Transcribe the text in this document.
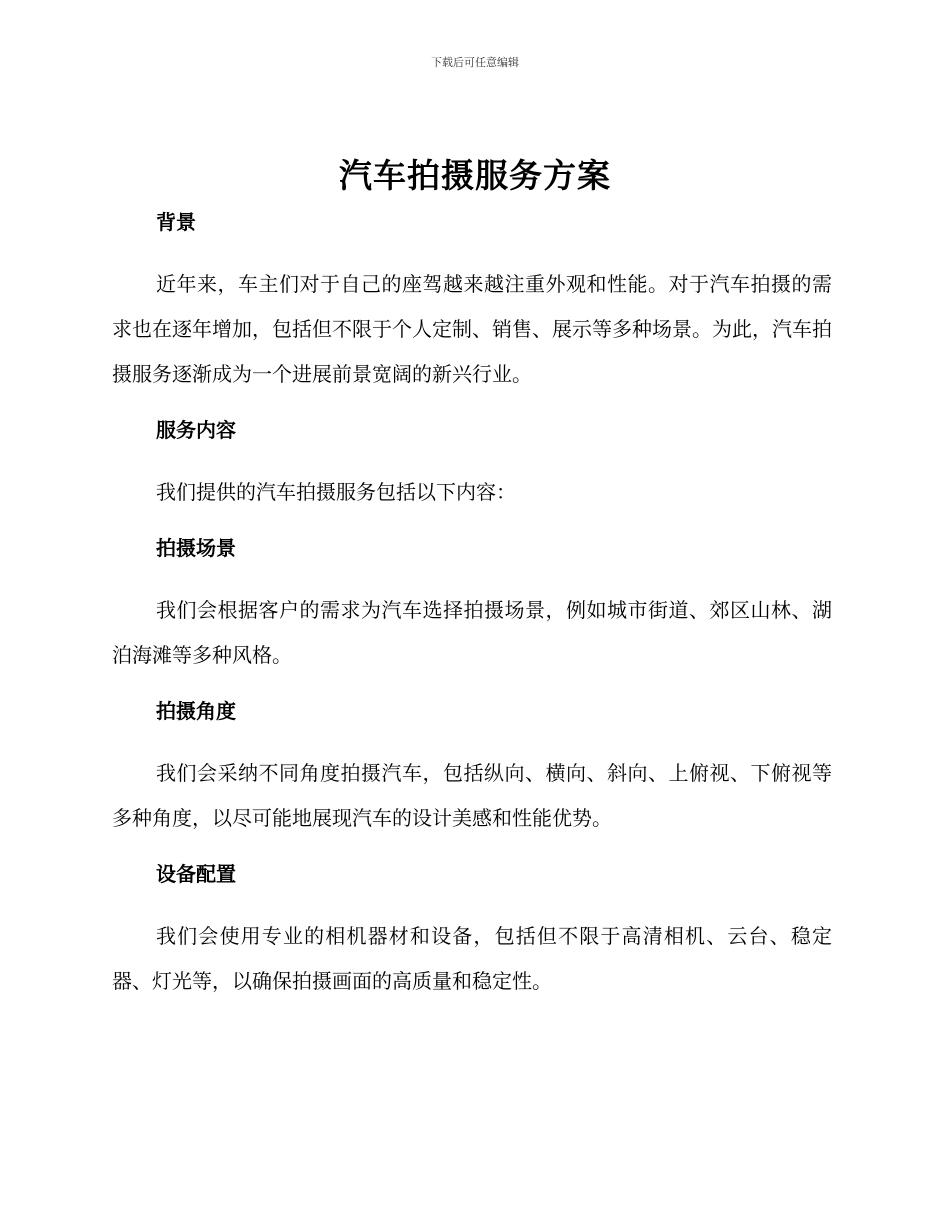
下载后可任意编辑
汽车拍摄服务方案
背景

近年来，车主们对于自己的座驾越来越注重外观和性能。对于汽车拍摄的需求也在逐年增加，包括但不限于个人定制、销售、展示等多种场景。为此，汽车拍摄服务逐渐成为一个进展前景宽阔的新兴行业。

服务内容

我们提供的汽车拍摄服务包括以下内容：

拍摄场景

我们会根据客户的需求为汽车选择拍摄场景，例如城市街道、郊区山林、湖泊海滩等多种风格。

拍摄角度

我们会采纳不同角度拍摄汽车，包括纵向、横向、斜向、上俯视、下俯视等多种角度，以尽可能地展现汽车的设计美感和性能优势。

设备配置

我们会使用专业的相机器材和设备，包括但不限于高清相机、云台、稳定器、灯光等，以确保拍摄画面的高质量和稳定性。
